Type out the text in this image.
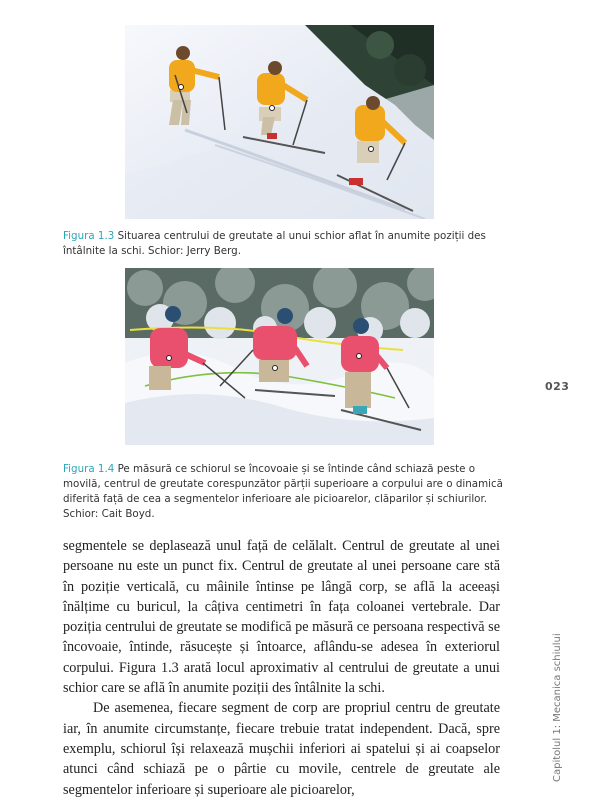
Figura 1.3 Situarea centrului de greutate al unui schior aflat în anumite poziții des întâlnite la schi. Schior: Jerry Berg.

Figura 1.4 Pe măsură ce schiorul se încovoaie și se întinde când schiază peste o movilă, centrul de greutate corespunzător părții superioare a corpului are o dinamică diferită față de cea a segmentelor inferioare ale picioarelor, clăparilor și schiurilor. Schior: Cait Boyd.

segmentele se deplasează unul față de celălalt. Centrul de greutate al unei persoane nu este un punct fix. Centrul de greutate al unei persoane care stă în poziție verticală, cu mâinile întinse pe lângă corp, se află la aceeași înălțime cu buricul, la câțiva centimetri în fața coloanei vertebrale. Dar poziția centrului de greutate se modifică pe măsură ce persoana respectivă se încovoaie, întinde, răsucește și întoarce, aflându-se adesea în exteriorul corpului. Figura 1.3 arată locul aproximativ al centrului de greutate a unui schior care se află în anumite poziții des întâlnite la schi.

De asemenea, fiecare segment de corp are propriul centru de greutate iar, în anumite circumstanțe, fiecare trebuie tratat independent. Dacă, spre exemplu, schiorul își relaxează mușchii inferiori ai spatelui și ai coapselor atunci când schiază pe o pârtie cu movile, centrele de greutate ale segmentelor inferioare și superioare ale picioarelor,

023
Capitolul 1: Mecanica schiului
